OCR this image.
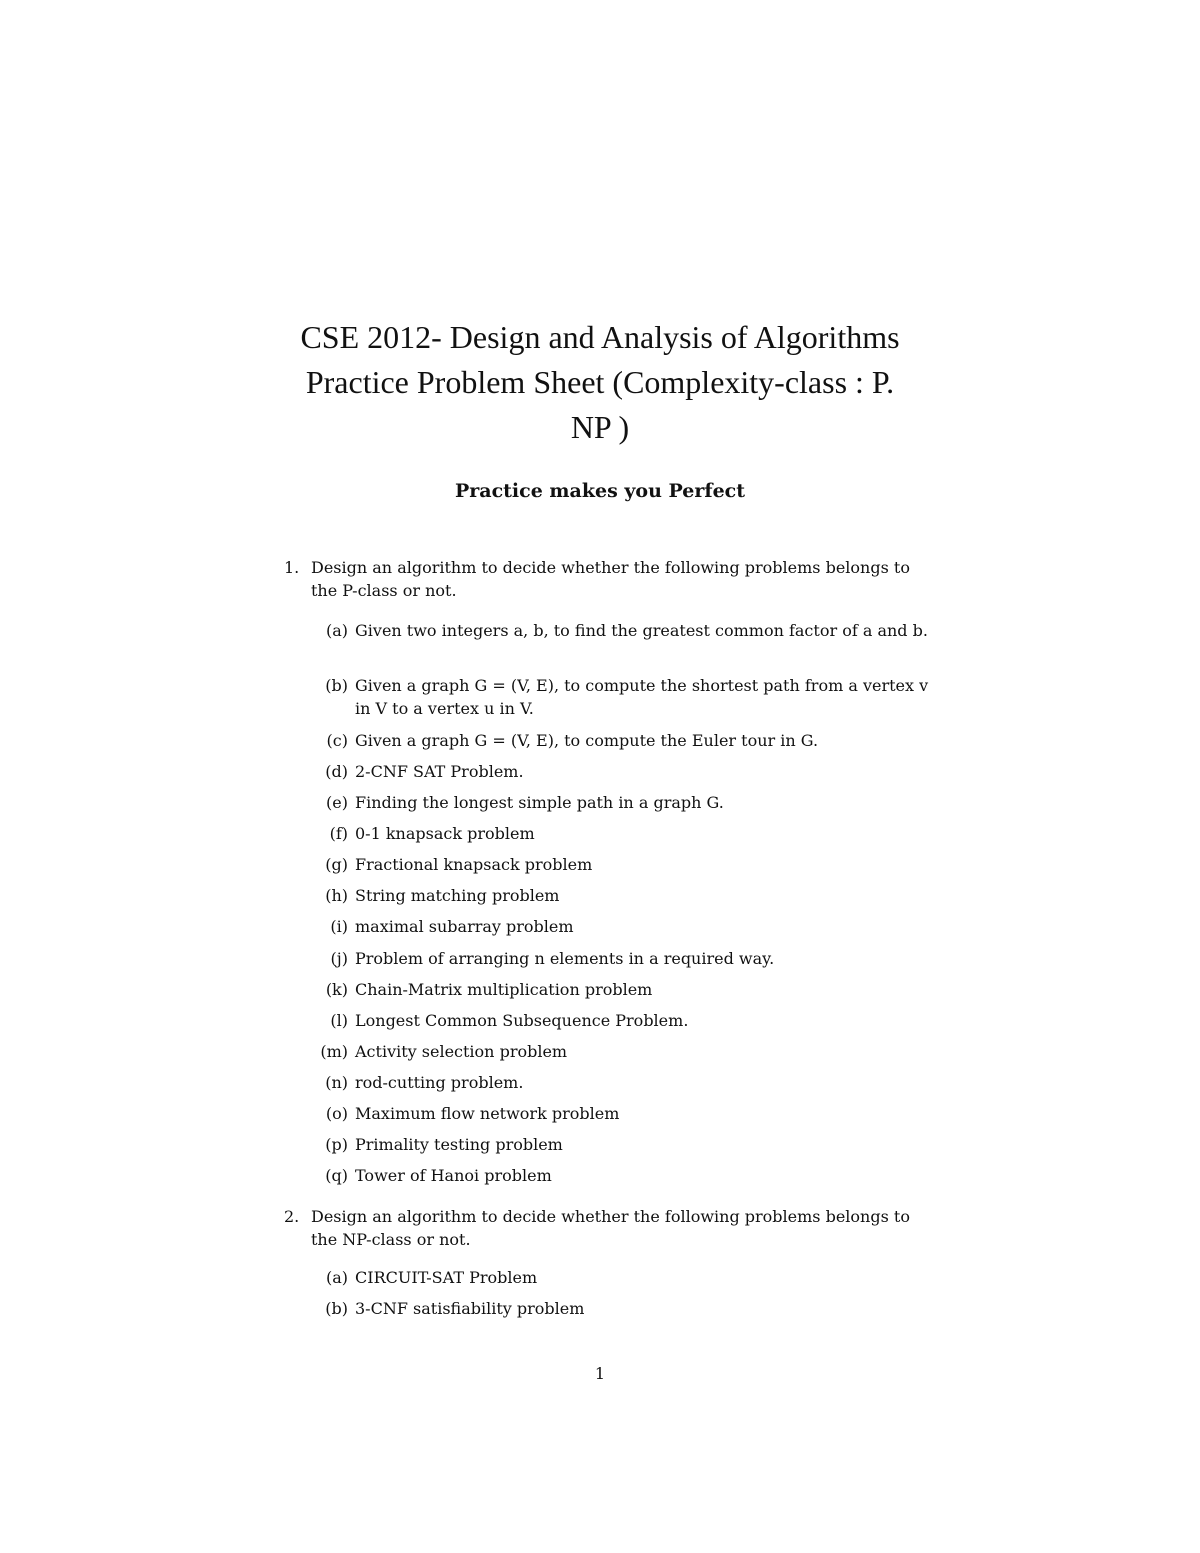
CSE 2012- Design and Analysis of Algorithms
Practice Problem Sheet (Complexity-class : P.
NP )

Practice makes you Perfect

1. Design an algorithm to decide whether the following problems belongs to the P-class or not.
(a) Given two integers a, b, to find the greatest common factor of a and b.
(b) Given a graph G = (V, E), to compute the shortest path from a vertex v in V to a vertex u in V.
(c) Given a graph G = (V, E), to compute the Euler tour in G.
(d) 2-CNF SAT Problem.
(e) Finding the longest simple path in a graph G.
(f) 0-1 knapsack problem
(g) Fractional knapsack problem
(h) String matching problem
(i) maximal subarray problem
(j) Problem of arranging n elements in a required way.
(k) Chain-Matrix multiplication problem
(l) Longest Common Subsequence Problem.
(m) Activity selection problem
(n) rod-cutting problem.
(o) Maximum flow network problem
(p) Primality testing problem
(q) Tower of Hanoi problem
2. Design an algorithm to decide whether the following problems belongs to the NP-class or not.
(a) CIRCUIT-SAT Problem
(b) 3-CNF satisfiability problem
1
